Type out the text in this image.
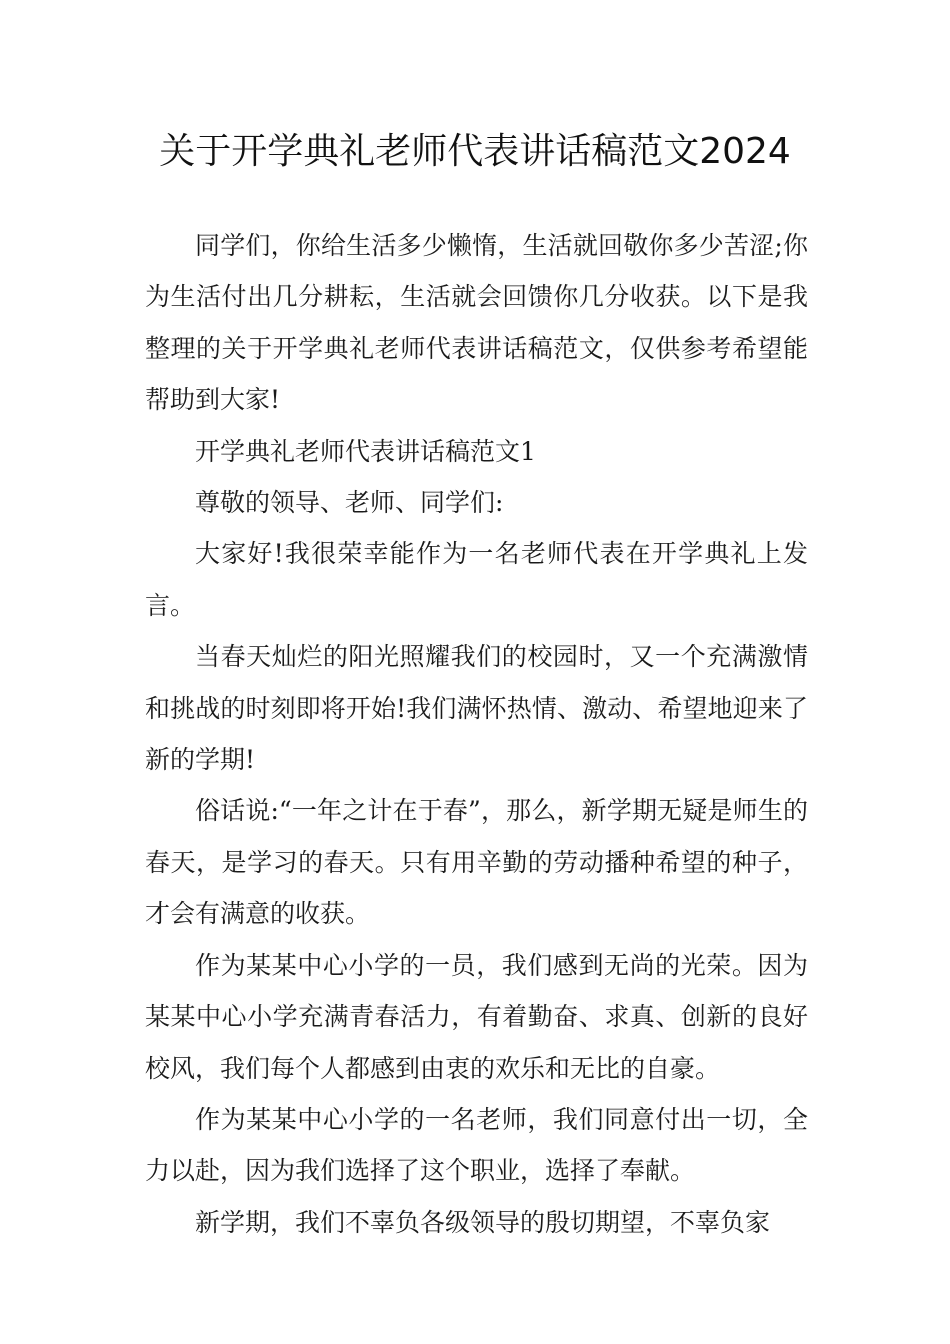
关于开学典礼老师代表讲话稿范文2024

同学们，你给生活多少懒惰，生活就回敬你多少苦涩;你为生活付出几分耕耘，生活就会回馈你几分收获。以下是我整理的关于开学典礼老师代表讲话稿范文，仅供参考希望能帮助到大家!

开学典礼老师代表讲话稿范文1

尊敬的领导、老师、同学们:

大家好!我很荣幸能作为一名老师代表在开学典礼上发言。

当春天灿烂的阳光照耀我们的校园时，又一个充满激情和挑战的时刻即将开始!我们满怀热情、激动、希望地迎来了新的学期!

俗话说:“一年之计在于春”，那么，新学期无疑是师生的春天，是学习的春天。只有用辛勤的劳动播种希望的种子，才会有满意的收获。

作为某某中心小学的一员，我们感到无尚的光荣。因为某某中心小学充满青春活力，有着勤奋、求真、创新的良好校风，我们每个人都感到由衷的欢乐和无比的自豪。

作为某某中心小学的一名老师，我们同意付出一切，全力以赴，因为我们选择了这个职业，选择了奉献。

新学期，我们不辜负各级领导的殷切期望，不辜负家
